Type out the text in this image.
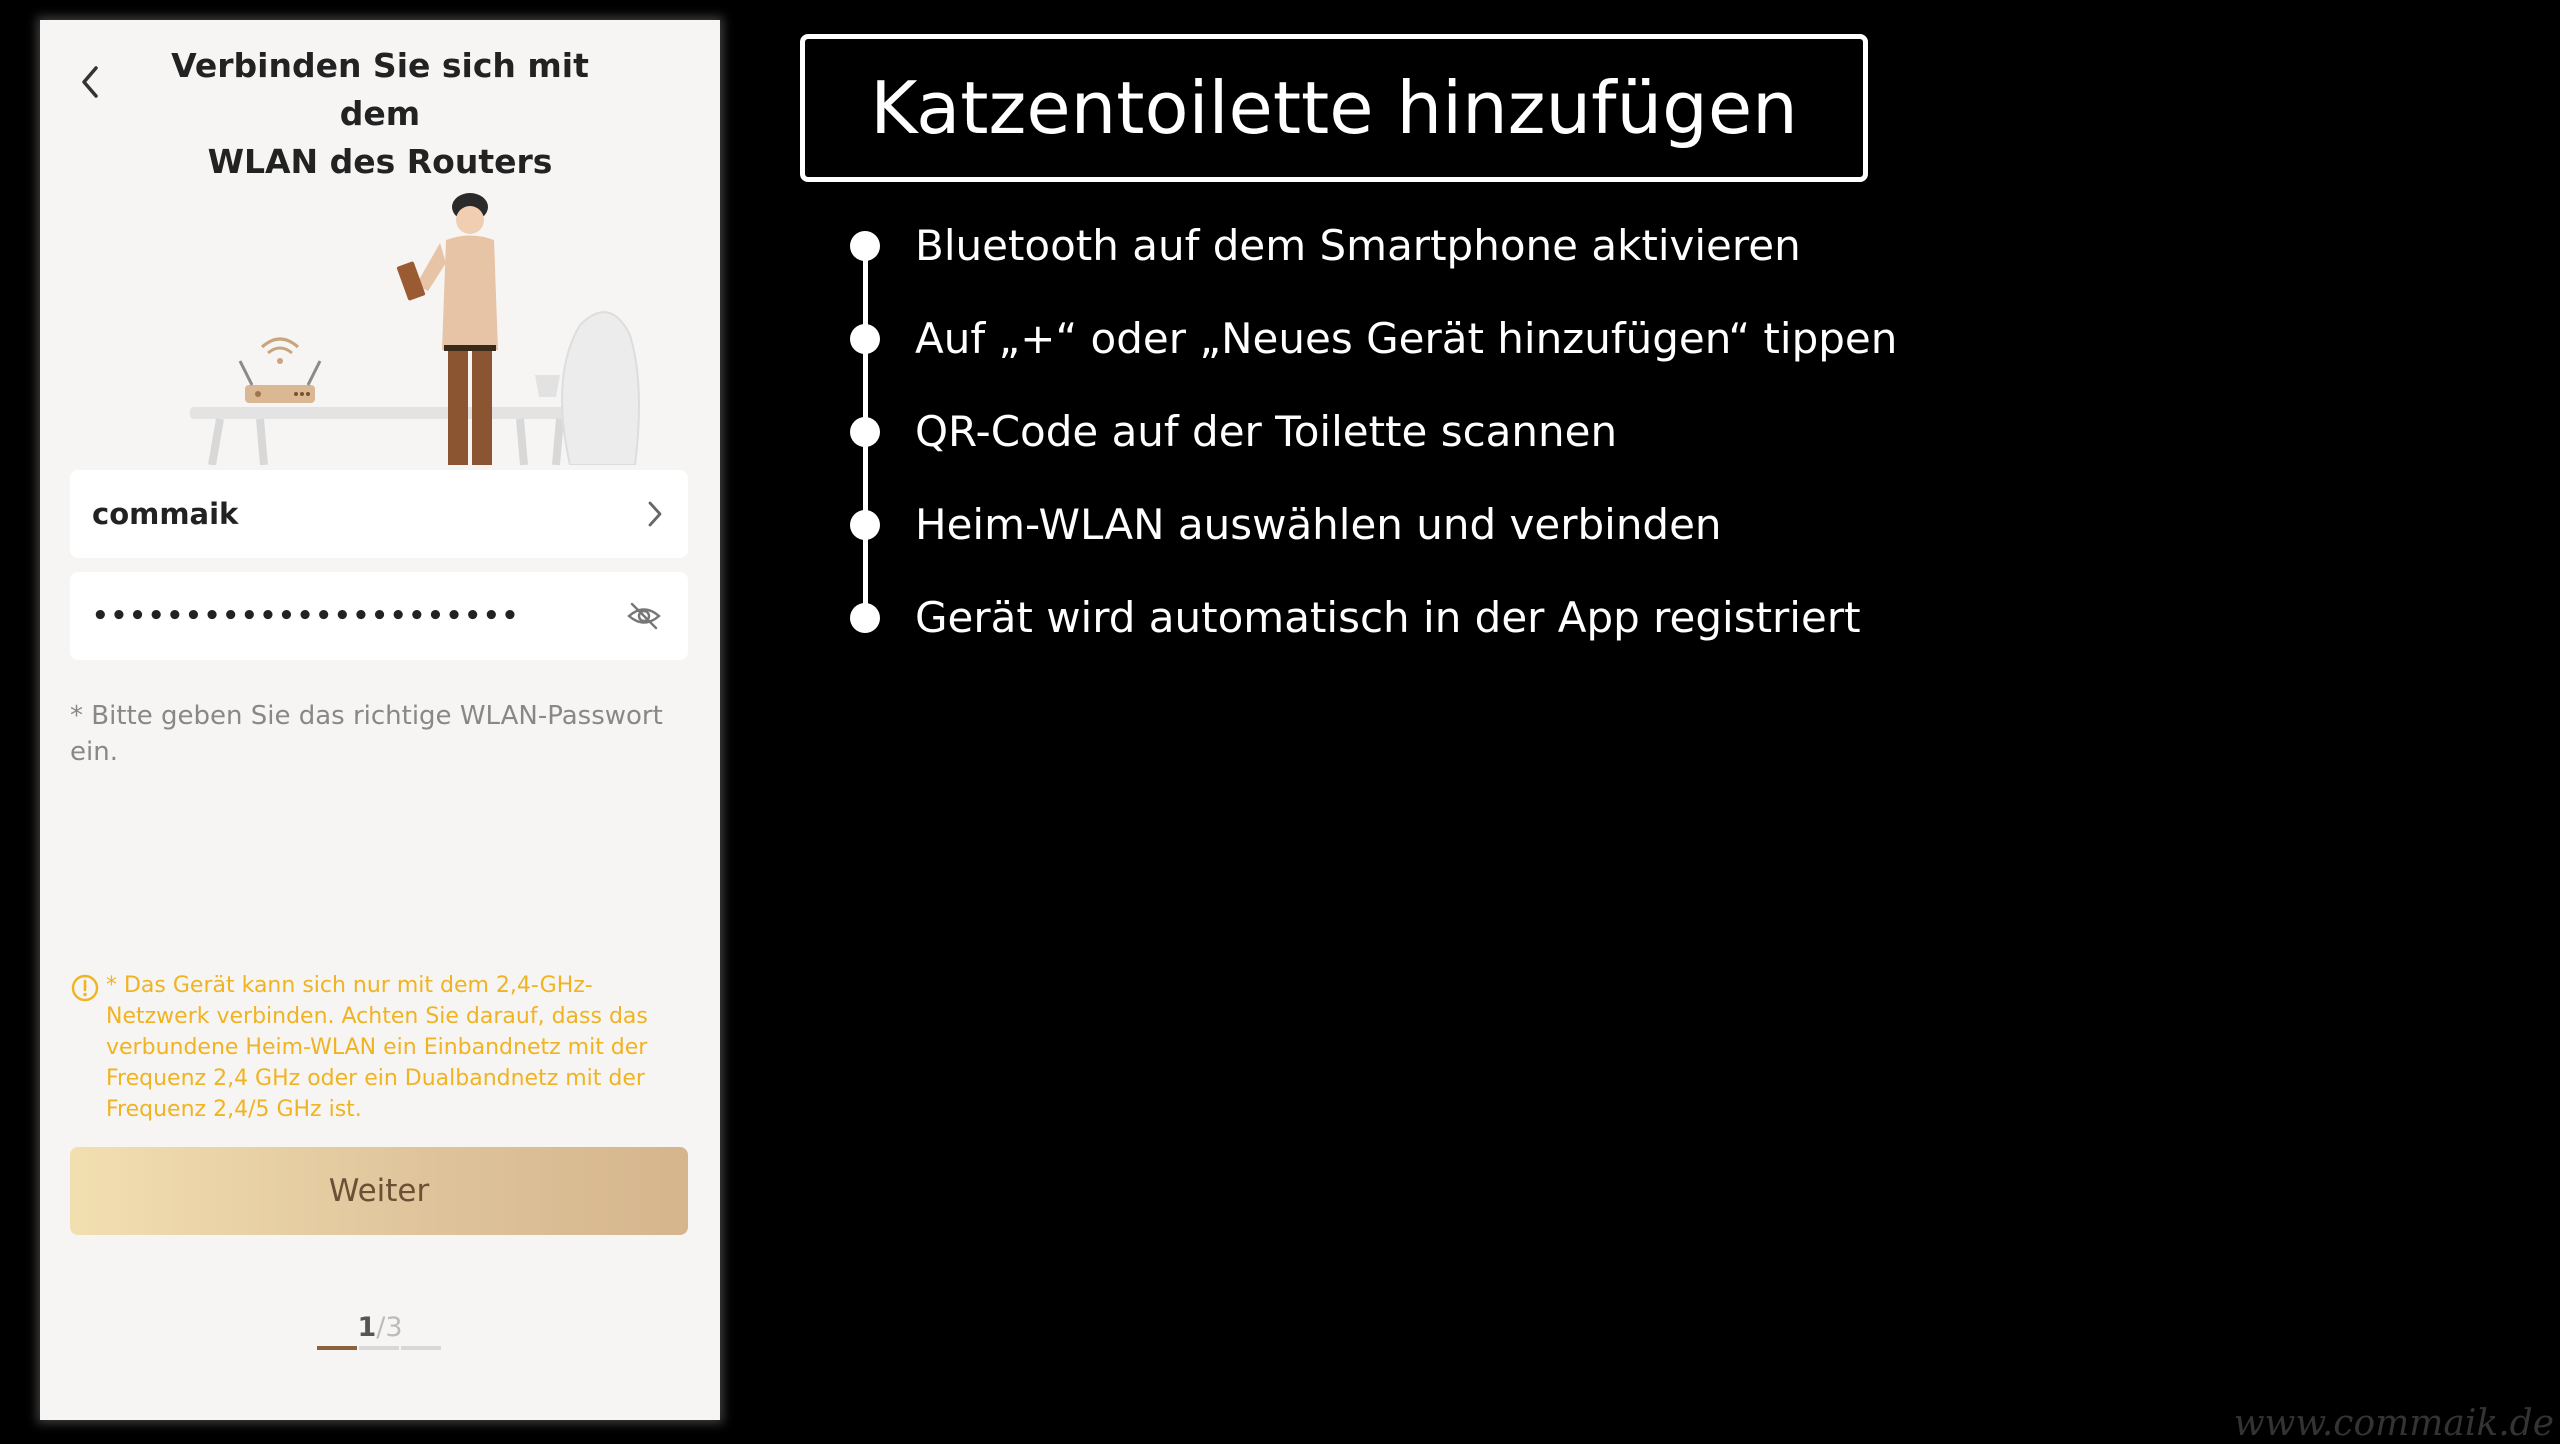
Verbinden Sie sich mit dem
WLAN des Routers
commaik
•••••••••••••••••••••••
* Bitte geben Sie das richtige WLAN-Passwort ein.
* Das Gerät kann sich nur mit dem 2,4-GHz-Netzwerk verbinden. Achten Sie darauf, dass das verbundene Heim-WLAN ein Einbandnetz mit der Frequenz 2,4 GHz oder ein Dualbandnetz mit der Frequenz 2,4/5 GHz ist.
Weiter
1/3
Katzentoilette hinzufügen
Bluetooth auf dem Smartphone aktivieren
Auf „+“ oder „Neues Gerät hinzufügen“ tippen
QR-Code auf der Toilette scannen
Heim-WLAN auswählen und verbinden
Gerät wird automatisch in der App registriert
www.commaik.de
